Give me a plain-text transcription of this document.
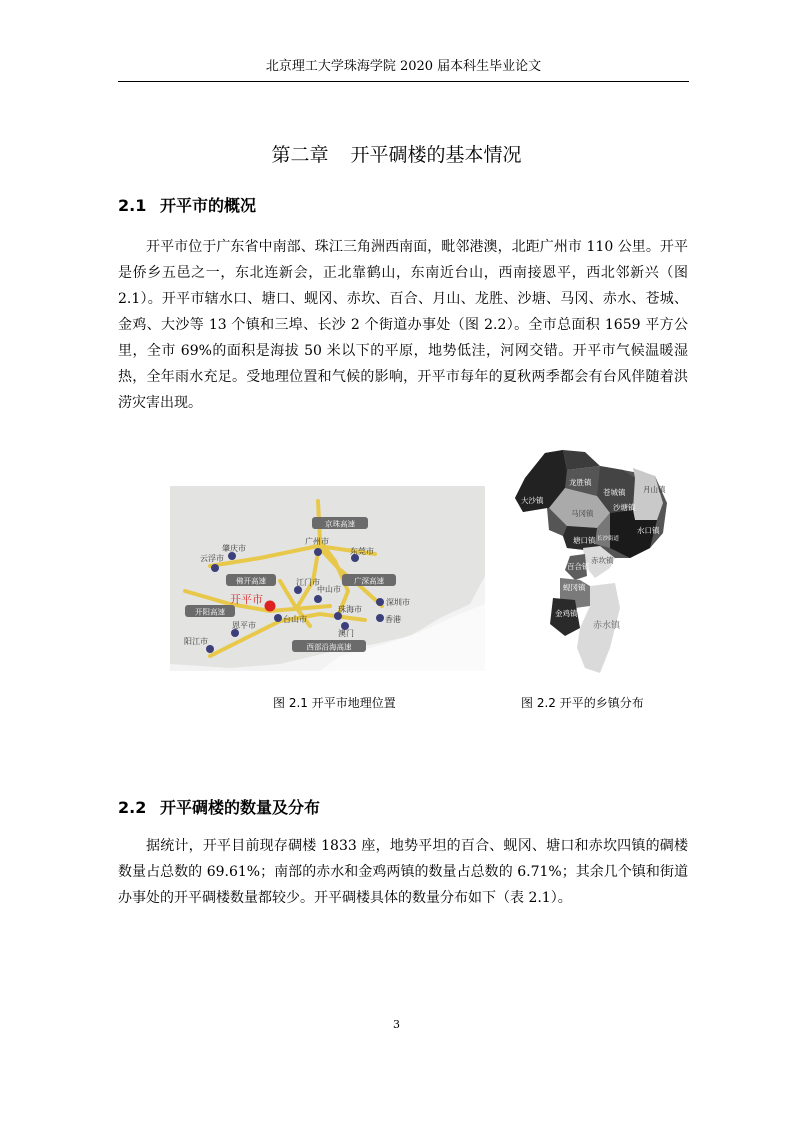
北京理工大学珠海学院 2020 届本科生毕业论文
第二章 开平碉楼的基本情况
2.1 开平市的概况

开平市位于广东省中南部、珠江三角洲西南面，毗邻港澳，北距广州市 110 公里。开平是侨乡五邑之一，东北连新会，正北靠鹤山，东南近台山，西南接恩平，西北邻新兴（图 2.1）。开平市辖水口、塘口、蚬冈、赤坎、百合、月山、龙胜、沙塘、马冈、赤水、苍城、金鸡、大沙等 13 个镇和三埠、长沙 2 个街道办事处（图 2.2）。全市总面积 1659 平方公里，全市 69%的面积是海拔 50 米以下的平原，地势低洼，河网交错。开平市气候温暖湿热，全年雨水充足。受地理位置和气候的影响，开平市每年的夏秋两季都会有台风伴随着洪涝灾害出现。

京珠高速
佛开高速	广深高速
开阳高速
西部沿海高速
广州市
肇庆市	东莞市
云浮市
江门市
中山市
深圳市
珠海市
香港
开平市
台山市
澳门
恩平市
阳江市
图 2.1 开平市地理位置
龙胜镇
大沙镇
苍城镇 月山镇
马冈镇
沙塘镇
水口镇
塘口镇 长沙街道
赤坎镇
百合镇
蚬冈镇
金鸡镇
赤水镇
图 2.2 开平的乡镇分布
2.2 开平碉楼的数量及分布

据统计，开平目前现存碉楼 1833 座，地势平坦的百合、蚬冈、塘口和赤坎四镇的碉楼数量占总数的 69.61%；南部的赤水和金鸡两镇的数量占总数的 6.71%；其余几个镇和街道办事处的开平碉楼数量都较少。开平碉楼具体的数量分布如下（表 2.1）。

3
